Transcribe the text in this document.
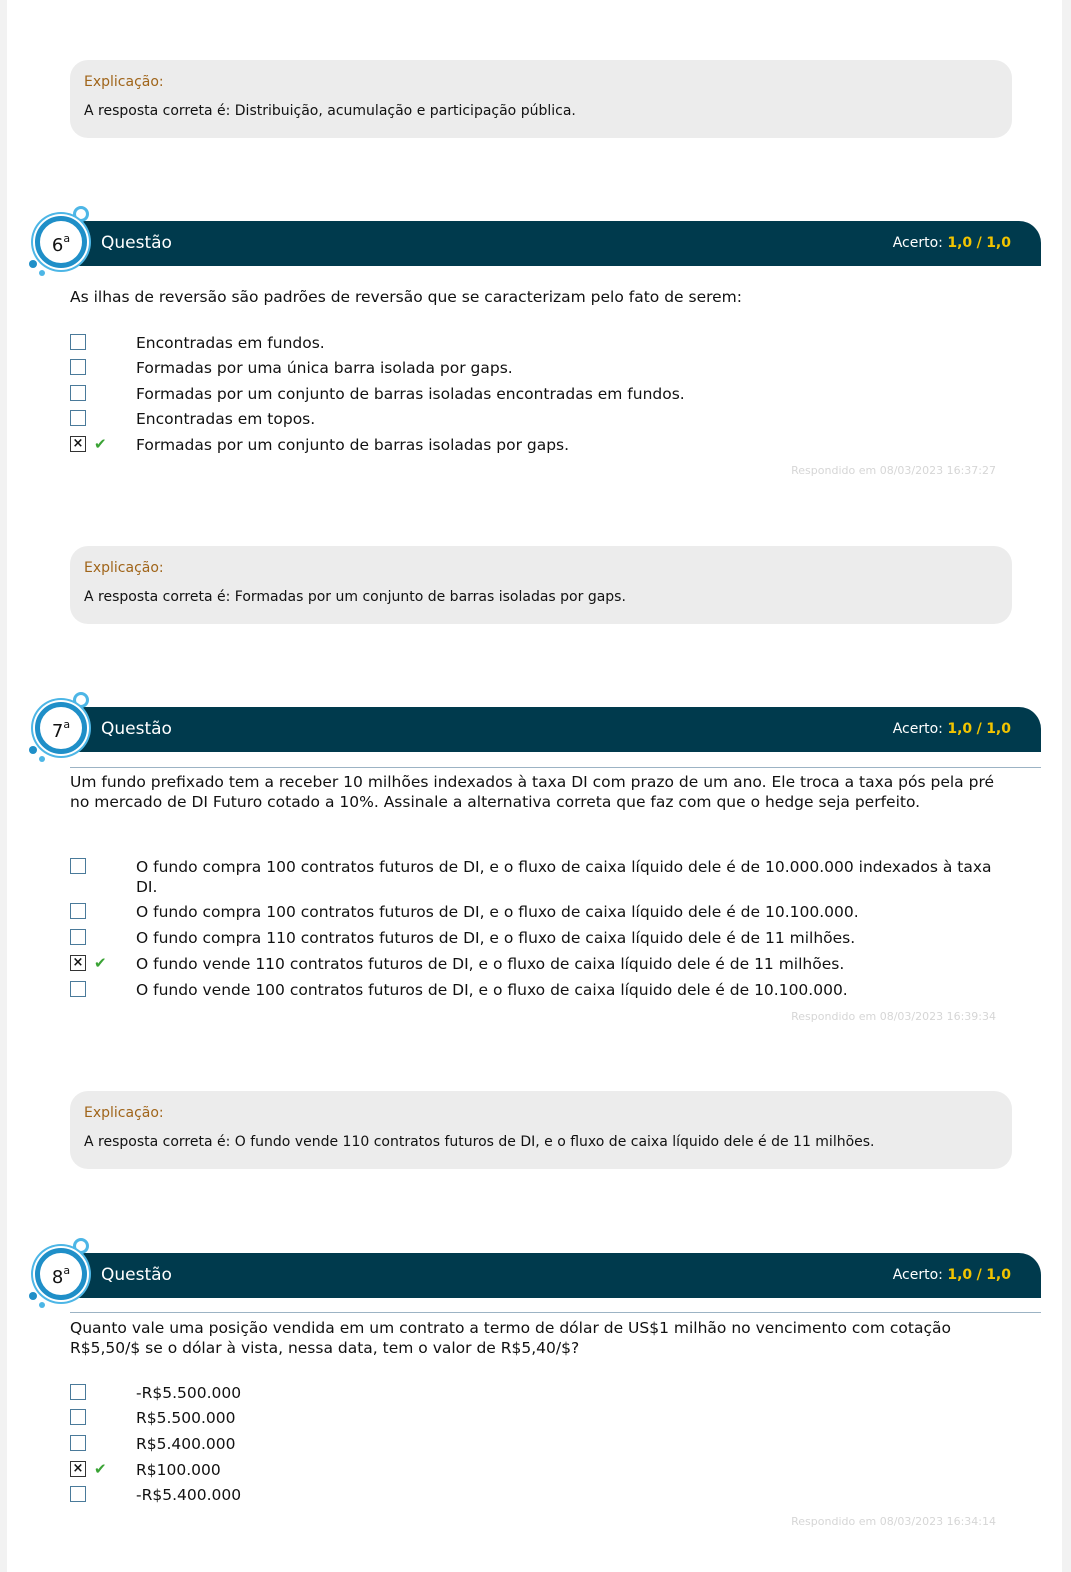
Explicação:
A resposta correta é: Distribuição, acumulação e participação pública.
Questão	Acerto: 1,0 / 1,0
6$^a$
As ilhas de reversão são padrões de reversão que se caracterizam pelo fato de serem:
Encontradas em fundos.
Formadas por uma única barra isolada por gaps.
Formadas por um conjunto de barras isoladas encontradas em fundos.
Encontradas em topos.
× ✔ Formadas por um conjunto de barras isoladas por gaps.
Respondido em 08/03/2023 16:37:27
Explicação:
A resposta correta é: Formadas por um conjunto de barras isoladas por gaps.
Questão	Acerto: 1,0 / 1,0
7$^a$
Um fundo prefixado tem a receber 10 milhões indexados à taxa DI com prazo de um ano. Ele troca a taxa pós pela pré no mercado de DI Futuro cotado a 10%. Assinale a alternativa correta que faz com que o hedge seja perfeito.
O fundo compra 100 contratos futuros de DI, e o fluxo de caixa líquido dele é de 10.000.000 indexados à taxa DI.
O fundo compra 100 contratos futuros de DI, e o fluxo de caixa líquido dele é de 10.100.000.
O fundo compra 110 contratos futuros de DI, e o fluxo de caixa líquido dele é de 11 milhões.
× ✔ O fundo vende 110 contratos futuros de DI, e o fluxo de caixa líquido dele é de 11 milhões.
O fundo vende 100 contratos futuros de DI, e o fluxo de caixa líquido dele é de 10.100.000.
Respondido em 08/03/2023 16:39:34
Explicação:
A resposta correta é: O fundo vende 110 contratos futuros de DI, e o fluxo de caixa líquido dele é de 11 milhões.
Questão	Acerto: 1,0 / 1,0
8$^a$
Quanto vale uma posição vendida em um contrato a termo de dólar de US$1 milhão no vencimento com cotação R$5,50/$ se o dólar à vista, nessa data, tem o valor de R$5,40/$?
-R$5.500.000
R$5.500.000
R$5.400.000
× ✔ R$100.000
-R$5.400.000
Respondido em 08/03/2023 16:34:14
